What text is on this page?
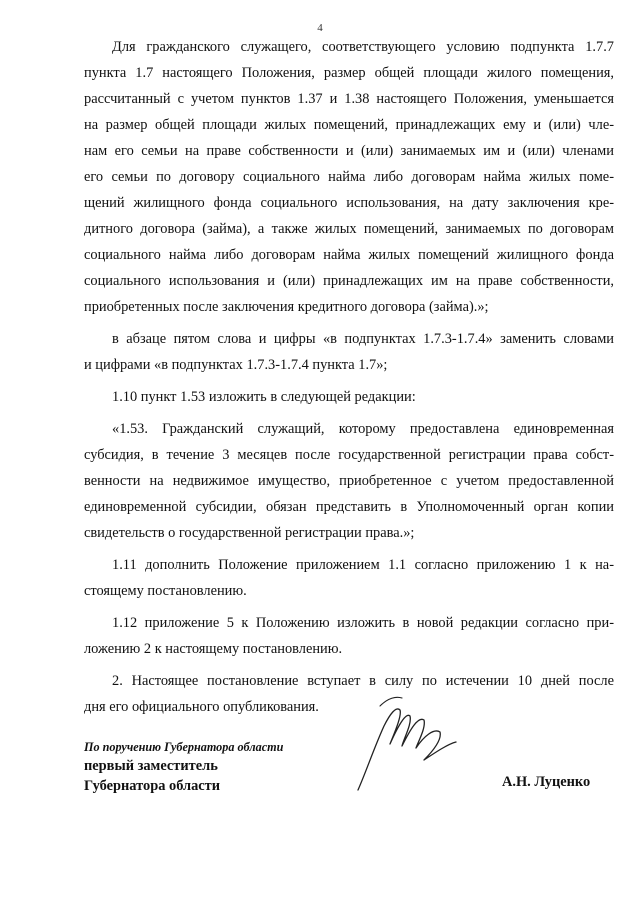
4
Для гражданского служащего, соответствующего условию подпункта 1.7.7
пункта 1.7 настоящего Положения, размер общей площади жилого помещения,
рассчитанный с учетом пунктов 1.37 и 1.38 настоящего Положения, уменьшается
на размер общей площади жилых помещений, принадлежащих ему и (или) чле-
нам его семьи на праве собственности и (или) занимаемых им и (или) членами
его семьи по договору социального найма либо договорам найма жилых поме-
щений жилищного фонда социального использования, на дату заключения кре-
дитного договора (займа), а также жилых помещений, занимаемых по договорам
социального найма либо договорам найма жилых помещений жилищного фонда
социального использования и (или) принадлежащих им на праве собственности,
приобретенных после заключения кредитного договора (займа).»;
в абзаце пятом слова и цифры «в подпунктах 1.7.3-1.7.4» заменить словами
и цифрами «в подпунктах 1.7.3-1.7.4 пункта 1.7»;
1.10 пункт 1.53 изложить в следующей редакции:
«1.53. Гражданский служащий, которому предоставлена единовременная
субсидия, в течение 3 месяцев после государственной регистрации права собст-
венности на недвижимое имущество, приобретенное с учетом предоставленной
единовременной субсидии, обязан представить в Уполномоченный орган копии
свидетельств о государственной регистрации права.»;
1.11 дополнить Положение приложением 1.1 согласно приложению 1 к на-
стоящему постановлению.
1.12 приложение 5 к Положению изложить в новой редакции согласно при-
ложению 2 к настоящему постановлению.
2. Настоящее постановление вступает в силу по истечении 10 дней после
дня его официального опубликования.
По поручению Губернатора области
первый заместитель
Губернатора области	А.Н. Луценко
